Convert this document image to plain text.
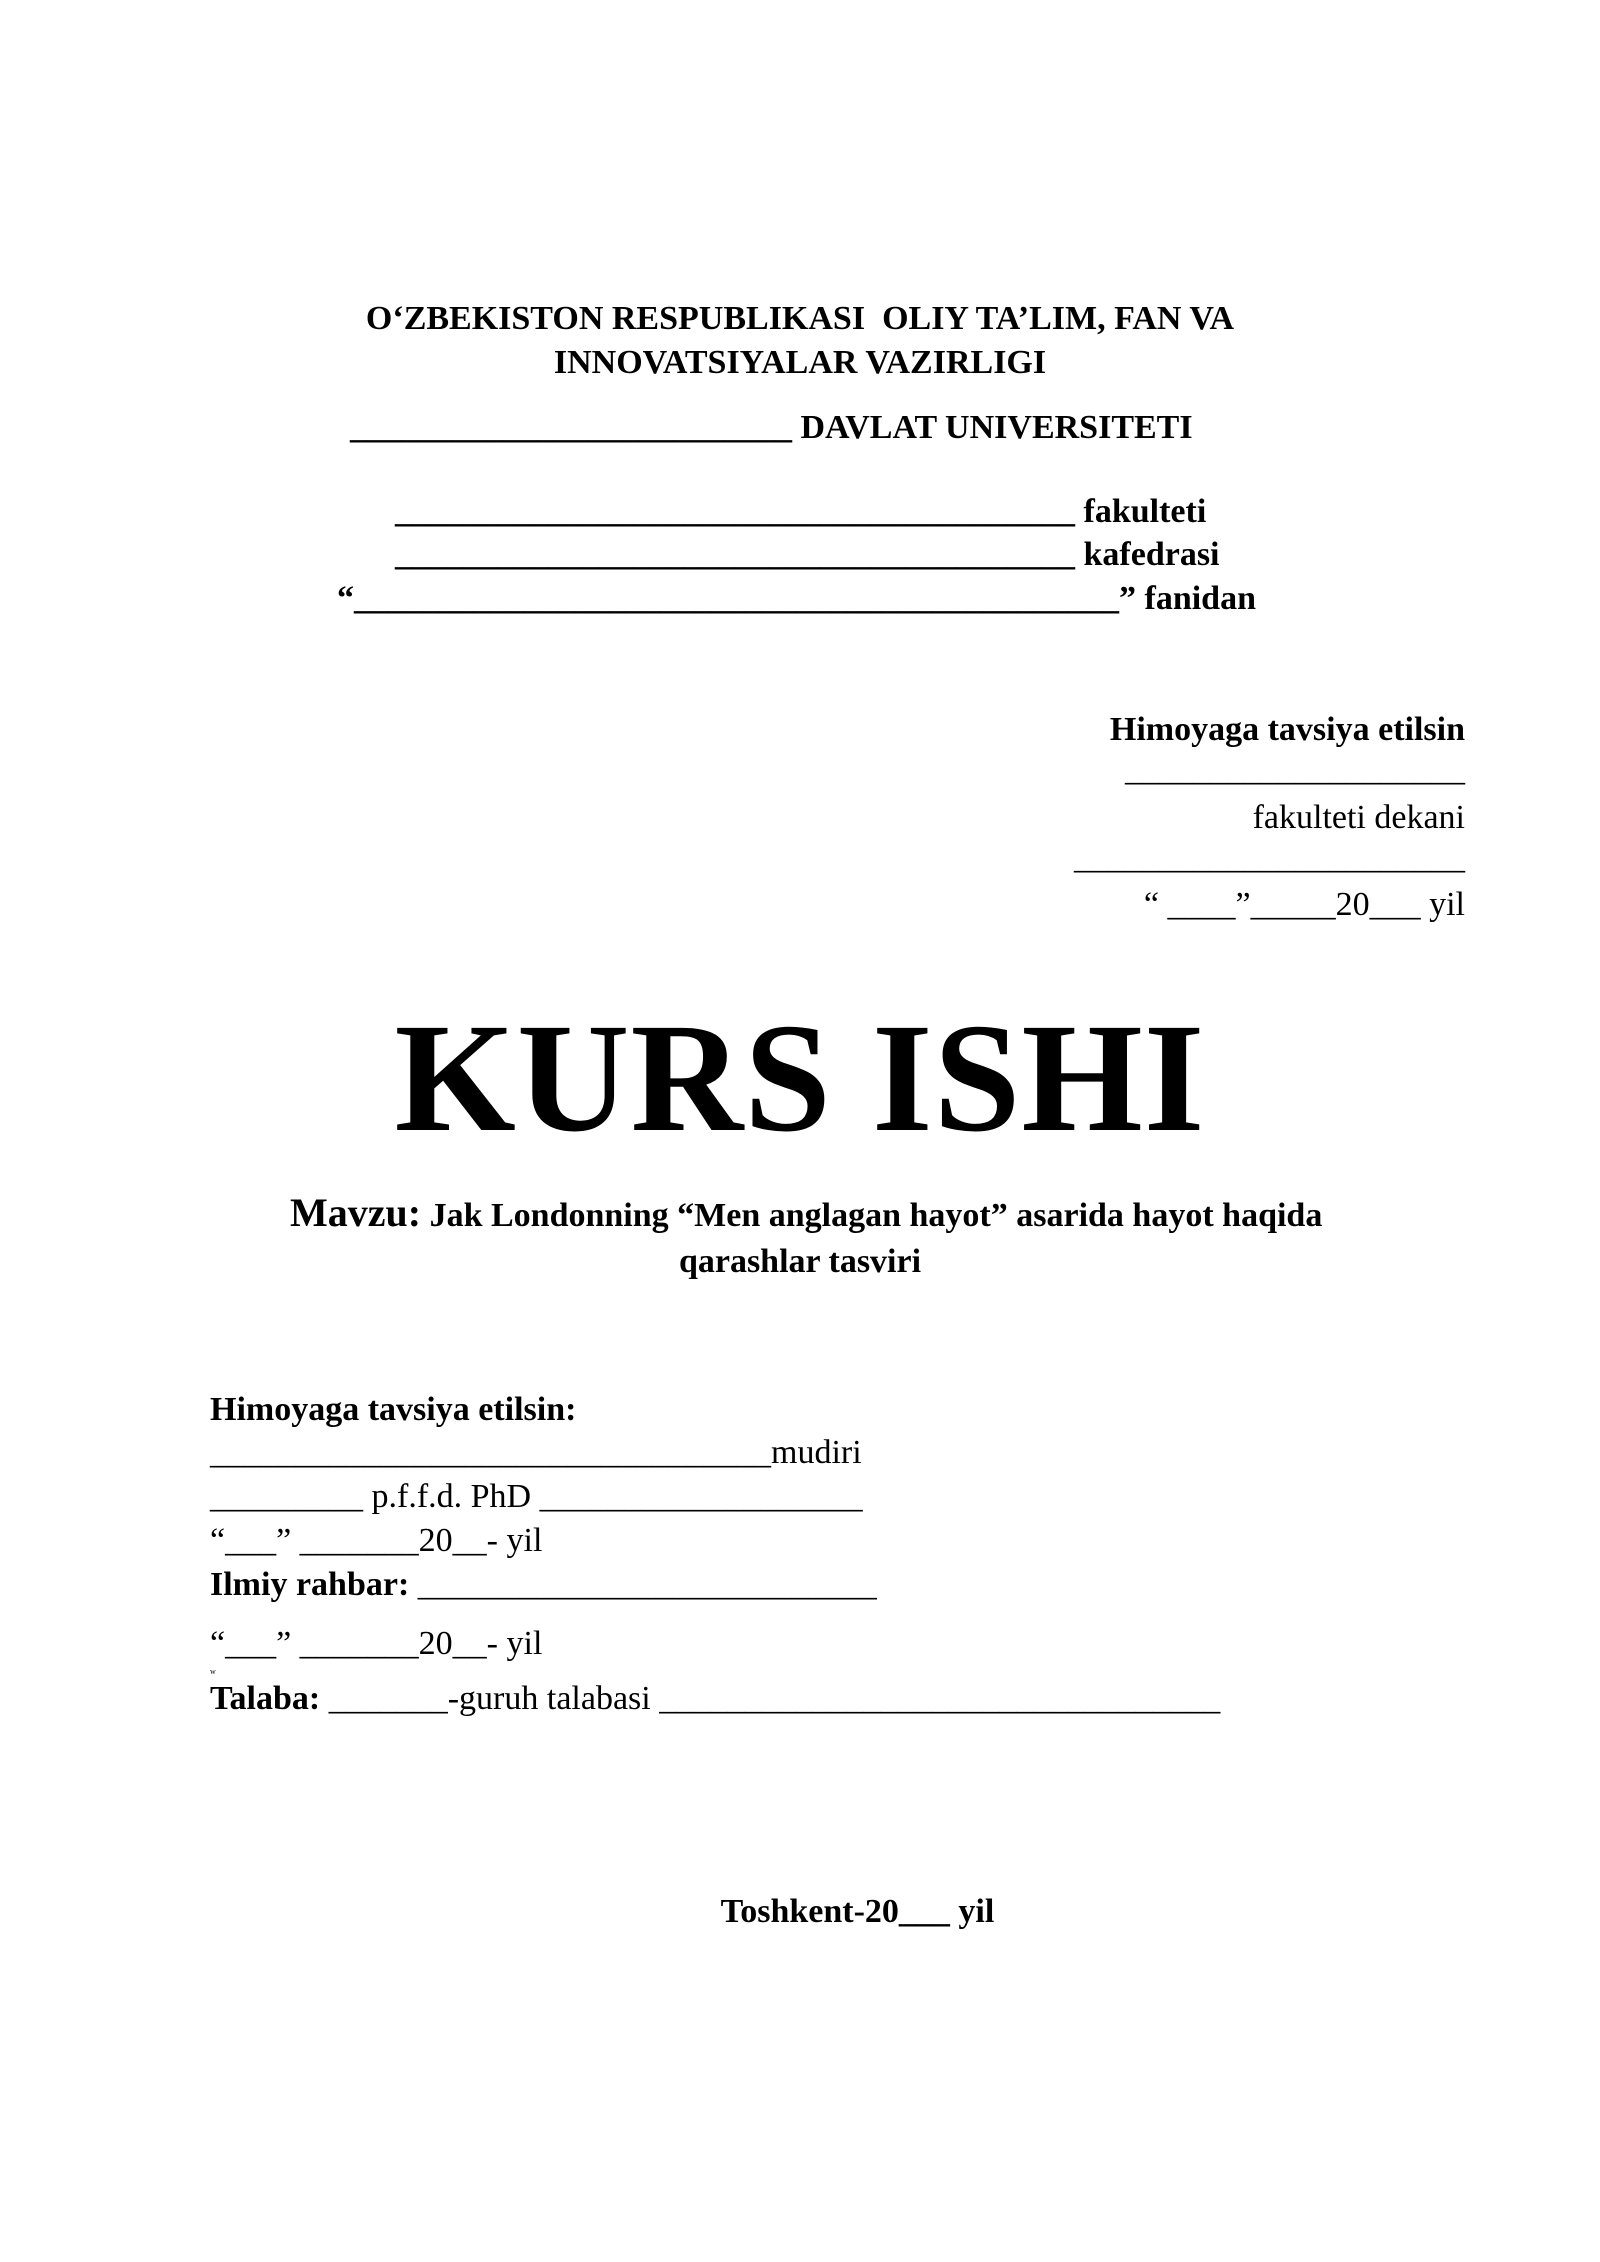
O‘ZBEKISTON RESPUBLIKASI  OLIY TA’LIM, FAN VA
INNOVATSIYALAR VAZIRLIGI
__________________________ DAVLAT UNIVERSITETI
________________________________________ fakulteti
________________________________________ kafedrasi
“_____________________________________________” fanidan
Himoyaga tavsiya etilsin
____________________
fakulteti dekani
_______________________
“ ____”_____20___ yil
KURS ISHI
Mavzu: Jak Londonning “Men anglagan hayot” asarida hayot haqida
qarashlar tasviri
Himoyaga tavsiya etilsin:
_________________________________mudiri
_________ p.f.f.d. PhD ___________________
“___” _______20__- yil
Ilmiy rahbar: ___________________________
“___” _______20__- yil
w
Talaba: _______-guruh talabasi _________________________________
Toshkent-20___ yil
